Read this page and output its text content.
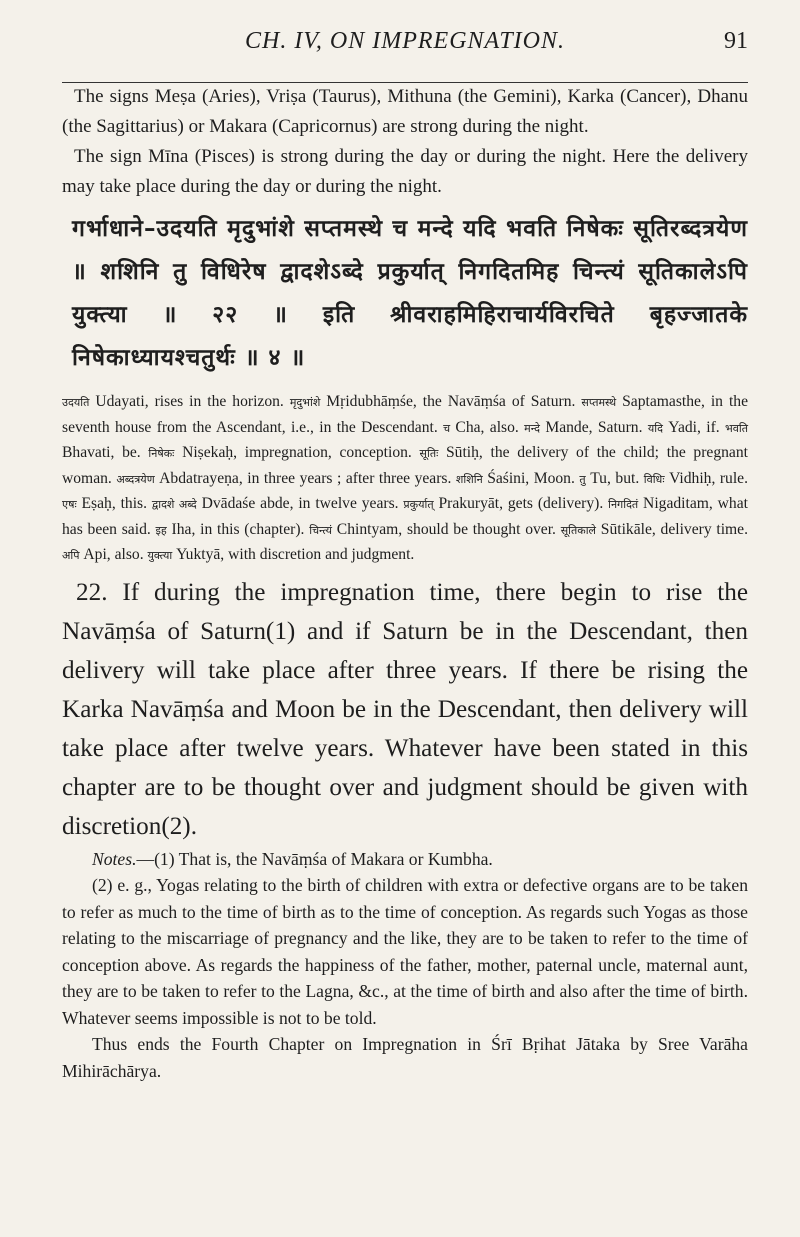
CH. IV, ON IMPREGNATION.	91

The signs Meṣa (Aries), Vriṣa (Taurus), Mithuna (the Gemini), Karka (Cancer), Dhanu (the Sagittarius) or Makara (Capricornus) are strong during the night.

The sign Mīna (Pisces) is strong during the day or during the night. Here the delivery may take place during the day or during the night.

गर्भाधाने–उदयति मृदुभांशे सप्तमस्थे च मन्दे यदि भवति निषेकः सूतिरब्दत्रयेण ॥ शशिनि तु विधिरेष द्वादशेऽब्दे प्रकुर्यात् निगदितमिह चिन्त्यं सूतिकालेऽपि युक्त्या ॥ २२ ॥ इति श्रीवराहमिहिराचार्यविरचिते बृहज्जातके निषेकाध्यायश्चतुर्थः ॥ ४ ॥

उदयति Udayati, rises in the horizon. मृदुभांशे Mṛidubhāṃśe, the Navāṃśa of Saturn. सप्तमस्थे Saptamasthe, in the seventh house from the Ascendant, i.e., in the Descendant. च Cha, also. मन्दे Mande, Saturn. यदि Yadi, if. भवति Bhavati, be. निषेकः Niṣekaḥ, impregnation, conception. सूतिः Sūtiḥ, the delivery of the child; the pregnant woman. अब्दत्रयेण Abdatrayeṇa, in three years ; after three years. शशिनि Śaśini, Moon. तु Tu, but. विधिः Vidhiḥ, rule. एषः Eṣaḥ, this. द्वादशे अब्दे Dvādaśe abde, in twelve years. प्रकुर्यात् Prakuryāt, gets (delivery). निगदितं Nigaditam, what has been said. इह Iha, in this (chapter). चिन्त्यं Chintyam, should be thought over. सूतिकाले Sūtikāle, delivery time. अपि Api, also. युक्त्या Yuktyā, with discretion and judgment.

22. If during the impregnation time, there begin to rise the Navāṃśa of Saturn(1) and if Saturn be in the Descendant, then delivery will take place after three years. If there be rising the Karka Navāṃśa and Moon be in the Descendant, then delivery will take place after twelve years. Whatever have been stated in this chapter are to be thought over and judgment should be given with discretion(2).

Notes.—(1) That is, the Navāṃśa of Makara or Kumbha.

(2) e. g., Yogas relating to the birth of children with extra or defective organs are to be taken to refer as much to the time of birth as to the time of conception. As regards such Yogas as those relating to the miscarriage of pregnancy and the like, they are to be taken to refer to the time of conception above. As regards the happiness of the father, mother, paternal uncle, maternal aunt, they are to be taken to refer to the Lagna, &c., at the time of birth and also after the time of birth. Whatever seems impossible is not to be told.

Thus ends the Fourth Chapter on Impregnation in Śrī Bṛihat Jātaka by Sree Varāha Mihirāchārya.
